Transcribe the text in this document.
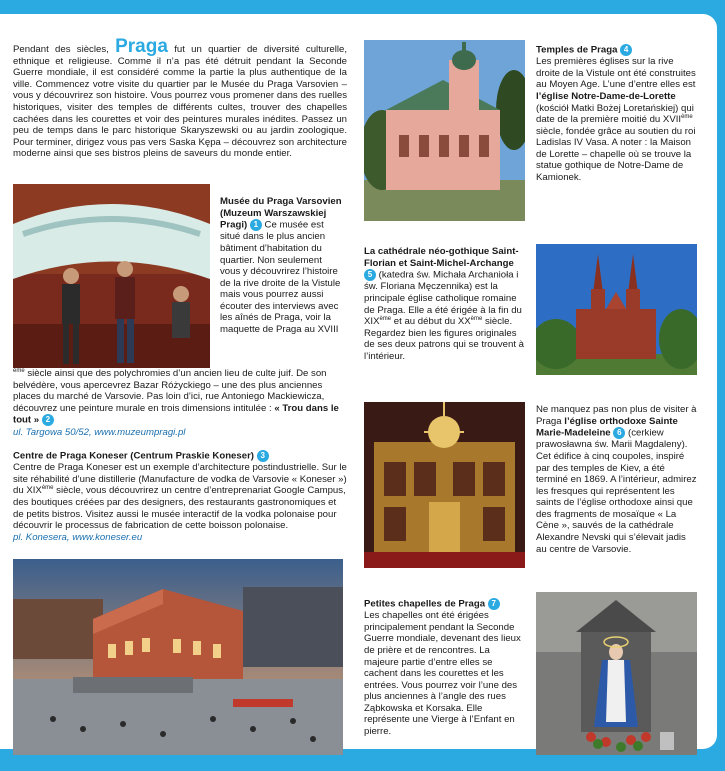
Pendant des siècles, Praga fut un quartier de diversité culturelle, ethnique et religieuse. Comme il n’a pas été détruit pendant la Seconde Guerre mondiale, il est considéré comme la partie la plus authentique de la ville. Commencez votre visite du quartier par le Musée du Praga Varsovien – vous y découvrirez son histoire. Vous pourrez vous promener dans des ruelles historiques, visiter des temples de différents cultes, trouver des chapelles cachées dans les courettes et voir des peintures murales inédites. Passez un peu de temps dans le parc historique Skaryszewski ou au jardin zoologique. Pour terminer, dirigez vous pas vers Saska Kępa – découvrez son architecture moderne ainsi que ses bistros pleins de saveurs du monde entier.
Musée du Praga Varsovien (Muzeum Warszawskiej Pragi) 1 Ce musée est situé dans le plus ancien bâtiment d’habitation du quartier. Non seulement vous y découvrirez l’histoire de la rive droite de la Vistule mais vous pourrez aussi écouter des interviews avec les aînés de Praga, voir la maquette de Praga au XVIII
$^{ème}$ siècle ainsi que des polychromies d’un ancien lieu de culte juif. De son belvédère, vous apercevrez Bazar Różyckiego – une des plus anciennes places du marché de Varsovie. Pas loin d’ici, rue Antoniego Mackiewicza, découvrez une peinture murale en trois dimensions intitulée : « Trou dans le tout » 2
ul. Targowa 50/52, www.muzeumpragi.pl
Centre de Praga Koneser (Centrum Praskie Koneser) 3
Centre de Praga Koneser est un exemple d’architecture postindustrielle. Sur le site réhabilité d’une distillerie (Manufacture de vodka de Varsovie « Koneser ») du XIXème siècle, vous découvrirez un centre d’entreprenariat Google Campus, des boutiques créées par des designers, des restaurants gastronomiques et de petits bistros. Visitez aussi le musée interactif de la vodka polonaise pour découvrir le processus de fabrication de cette boisson polonaise.
pl. Konesera, www.koneser.eu
Temples de Praga 4
Les premières églises sur la rive droite de la Vistule ont été construites au Moyen Age. L’une d’entre elles est l’église Notre-Dame-de-Lorette (kościół Matki Bożej Loretańskiej) qui date de la première moitié du XVIIème siècle, fondée grâce au soutien du roi Ladislas IV Vasa. A noter : la Maison de Lorette – chapelle où se trouve la statue gothique de Notre-Dame de Kamionek.
La cathédrale néo-gothique Saint-Florian et Saint-Michel-Archange 5 (katedra św. Michała Archanioła i św. Floriana Męczennika) est la principale église catholique romaine de Praga. Elle a été érigée à la fin du XIXème et au début du XXème siècle. Regardez bien les figures originales de ses deux patrons qui se trouvent à l’intérieur.
Ne manquez pas non plus de visiter à Praga l’église orthodoxe Sainte Marie-Madeleine 6 (cerkiew prawosławna św. Marii Magdaleny). Cet édifice à cinq coupoles, inspiré par des temples de Kiev, a été terminé en 1869. A l’intérieur, admirez les fresques qui représentent les saints de l’église orthodoxe ainsi que des fragments de mosaïque « La Cène », sauvés de la cathédrale Alexandre Nevski qui s’élevait jadis au centre de Varsovie.
Petites chapelles de Praga 7
Les chapelles ont été érigées principalement pendant la Seconde Guerre mondiale, devenant des lieux de prière et de rencontres. La majeure partie d’entre elles se cachent dans les courettes et les entrées. Vous pourrez voir l’une des plus anciennes à l’angle des rues Ząbkowska et Korsaka. Elle représente une Vierge à l’Enfant en pierre.
